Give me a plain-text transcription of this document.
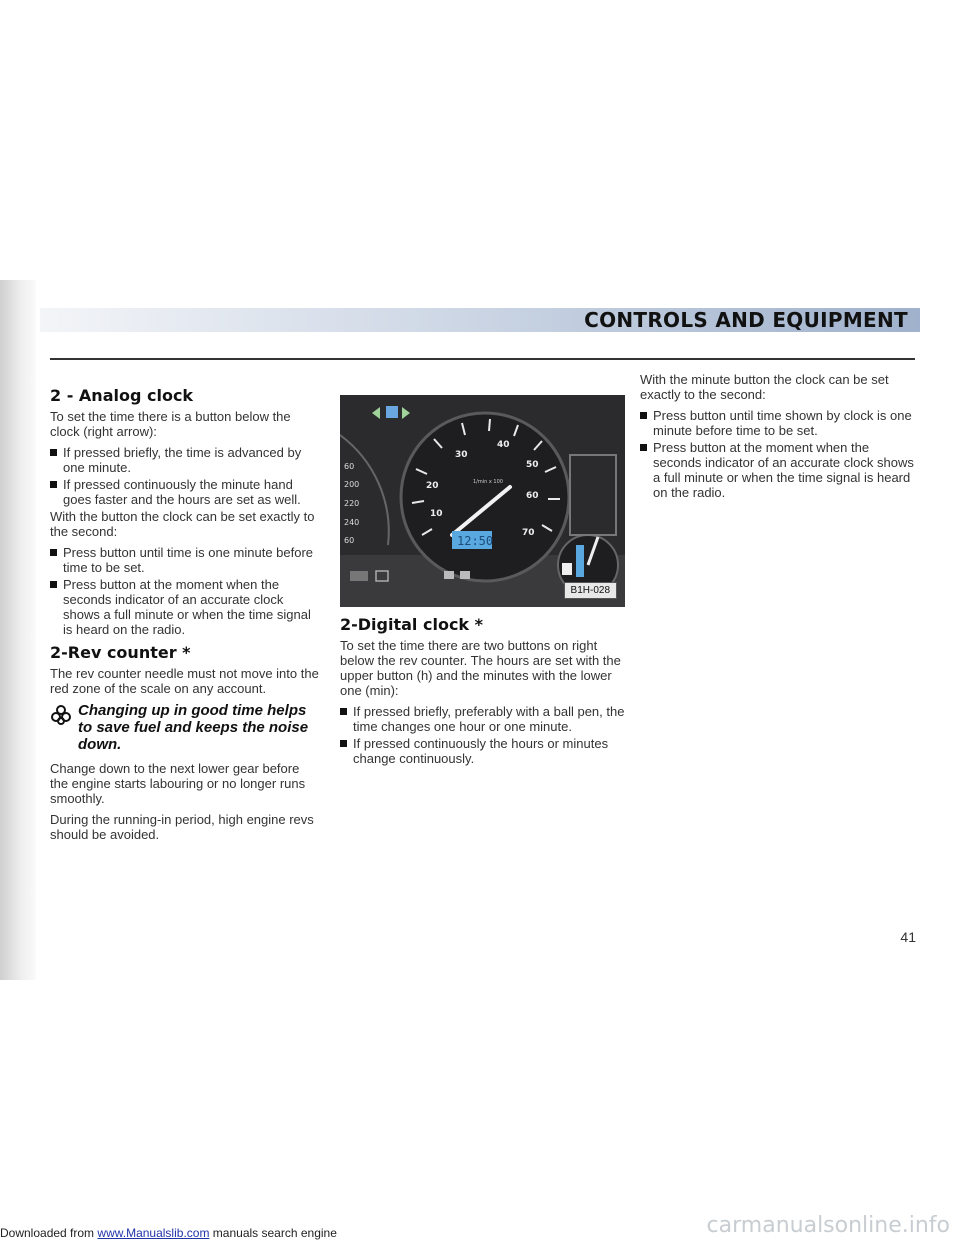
CONTROLS AND EQUIPMENT
2 - Analog clock

To set the time there is a button below the clock (right arrow):

If pressed briefly, the time is advanced by one minute.
If pressed continuously the minute hand goes faster and the hours are set as well.

With the button the clock can be set exactly to the second:

Press button until time is one minute before time to be set.
Press button at the moment when the seconds indicator of an accurate clock shows a full minute or when the time signal is heard on the radio.
2-Rev counter *

The rev counter needle must not move into the red zone of the scale on any account.

Changing up in good time helps to save fuel and keeps the noise down.

Change down to the next lower gear before the engine starts labouring or no longer runs smoothly.

During the running-in period, high engine revs should be avoided.

60
200
220
240
60
10
20
30
40
50
60
70
1/min x 100
12:50
B1H-028
2-Digital clock *

To set the time there are two buttons on right below the rev counter. The hours are set with the upper button (h) and the minutes with the lower one (min):

If pressed briefly, preferably with a ball pen, the time changes one hour or one minute.
If pressed continuously the hours or minutes change continuously.

With the minute button the clock can be set exactly to the second:

Press button until time shown by clock is one minute before time to be set.
Press button at the moment when the seconds indicator of an accurate clock shows a full minute or when the time signal is heard on the radio.
41
Downloaded from www.Manualslib.com manuals search engine	carmanualsonline.info
